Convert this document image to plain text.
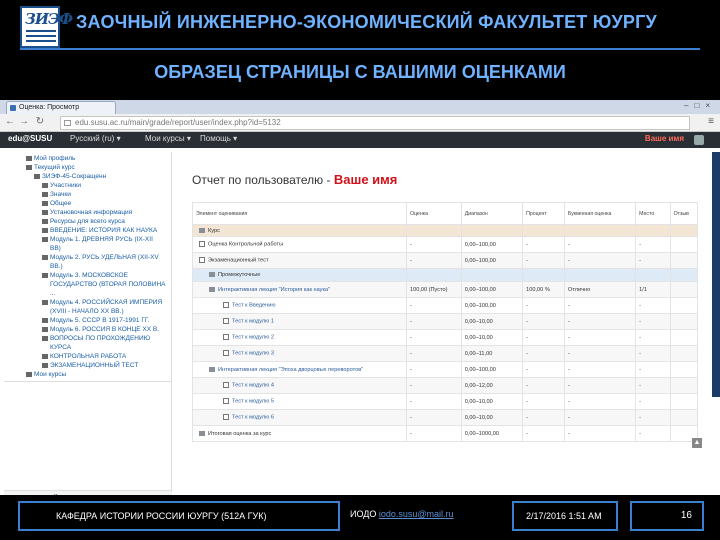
ЗИЭФ ЗАОЧНЫЙ ИНЖЕНЕРНО-ЭКОНОМИЧЕСКИЙ ФАКУЛЬТЕТ ЮУРГУ
ОБРАЗЕЦ СТРАНИЦЫ С ВАШИМИ ОЦЕНКАМИ
Оценка: Просмотр	–□×
← → ↻	edu.susu.ac.ru/main/grade/report/user/index.php?id=5132	≡
edu@SUSU Русский (ru) ▾	Мои курсы ▾ Помощь ▾	Ваше имя
Мой профиль
Текущий курс
ЗИЭФ-45-Сокращенн
Участники
Значки
Общее
Установочная информация
Ресурсы для всего курса
ВВЕДЕНИЕ: ИСТОРИЯ КАК НАУКА
Модуль 1. ДРЕВНЯЯ РУСЬ (IX-XII
ВВ)
Модуль 2. РУСЬ УДЕЛЬНАЯ (XII-XV
ВВ.)
Модуль 3. МОСКОВСКОЕ
ГОСУДАРСТВО (ВТОРАЯ ПОЛОВИНА
...
Модуль 4. РОССИЙСКАЯ ИМПЕРИЯ
(XVIII - НАЧАЛО XX ВВ.)
Модуль 5. СССР В 1917-1991 ГГ.
Модуль 6. РОССИЯ В КОНЦЕ XX В.
ВОПРОСЫ ПО ПРОХОЖДЕНИЮ
КУРСА
КОНТРОЛЬНАЯ РАБОТА
ЭКЗАМЕНАЦИОННЫЙ ТЕСТ
Мои курсы
Отчет по пользователю - Ваше имя
Элемент оценивания	Оценка	Диапазон	Процент	Буквенная оценка	Место	Отзыв
Курс						
Оценка Контрольной работы	-	0,00–100,00	-	-	-	
Экзаменационный тест	-	0,00–100,00	-	-	-	
Промежуточные						
Интерактивная лекция "История как наука"	100,00 (Пусто)	0,00–100,00	100,00 %	Отлично	1/1	
Тест к Введению	-	0,00–100,00	-	-	-	
Тест к модулю 1	-	0,00–10,00	-	-	-	
Тест к модулю 2	-	0,00–10,00	-	-	-	
Тест к модулю 3	-	0,00–11,00	-	-	-	
Интерактивная лекция "Эпоха дворцовых переворотов"	-	0,00–100,00	-	-	-	
Тест к модулю 4	-	0,00–12,00	-	-	-	
Тест к модулю 5	-	0,00–10,00	-	-	-	
Тест к модулю 6	-	0,00–10,00	-	-	-	
Итоговая оценка за курс	-	0,00–1000,00	-	-	-	
▲
КАФЕДРА ИСТОРИИ РОССИИ ЮУРГУ (512А ГУК)	ИОДО iodo.susu@mail.ru	2/17/2016 1:51 AM	16
